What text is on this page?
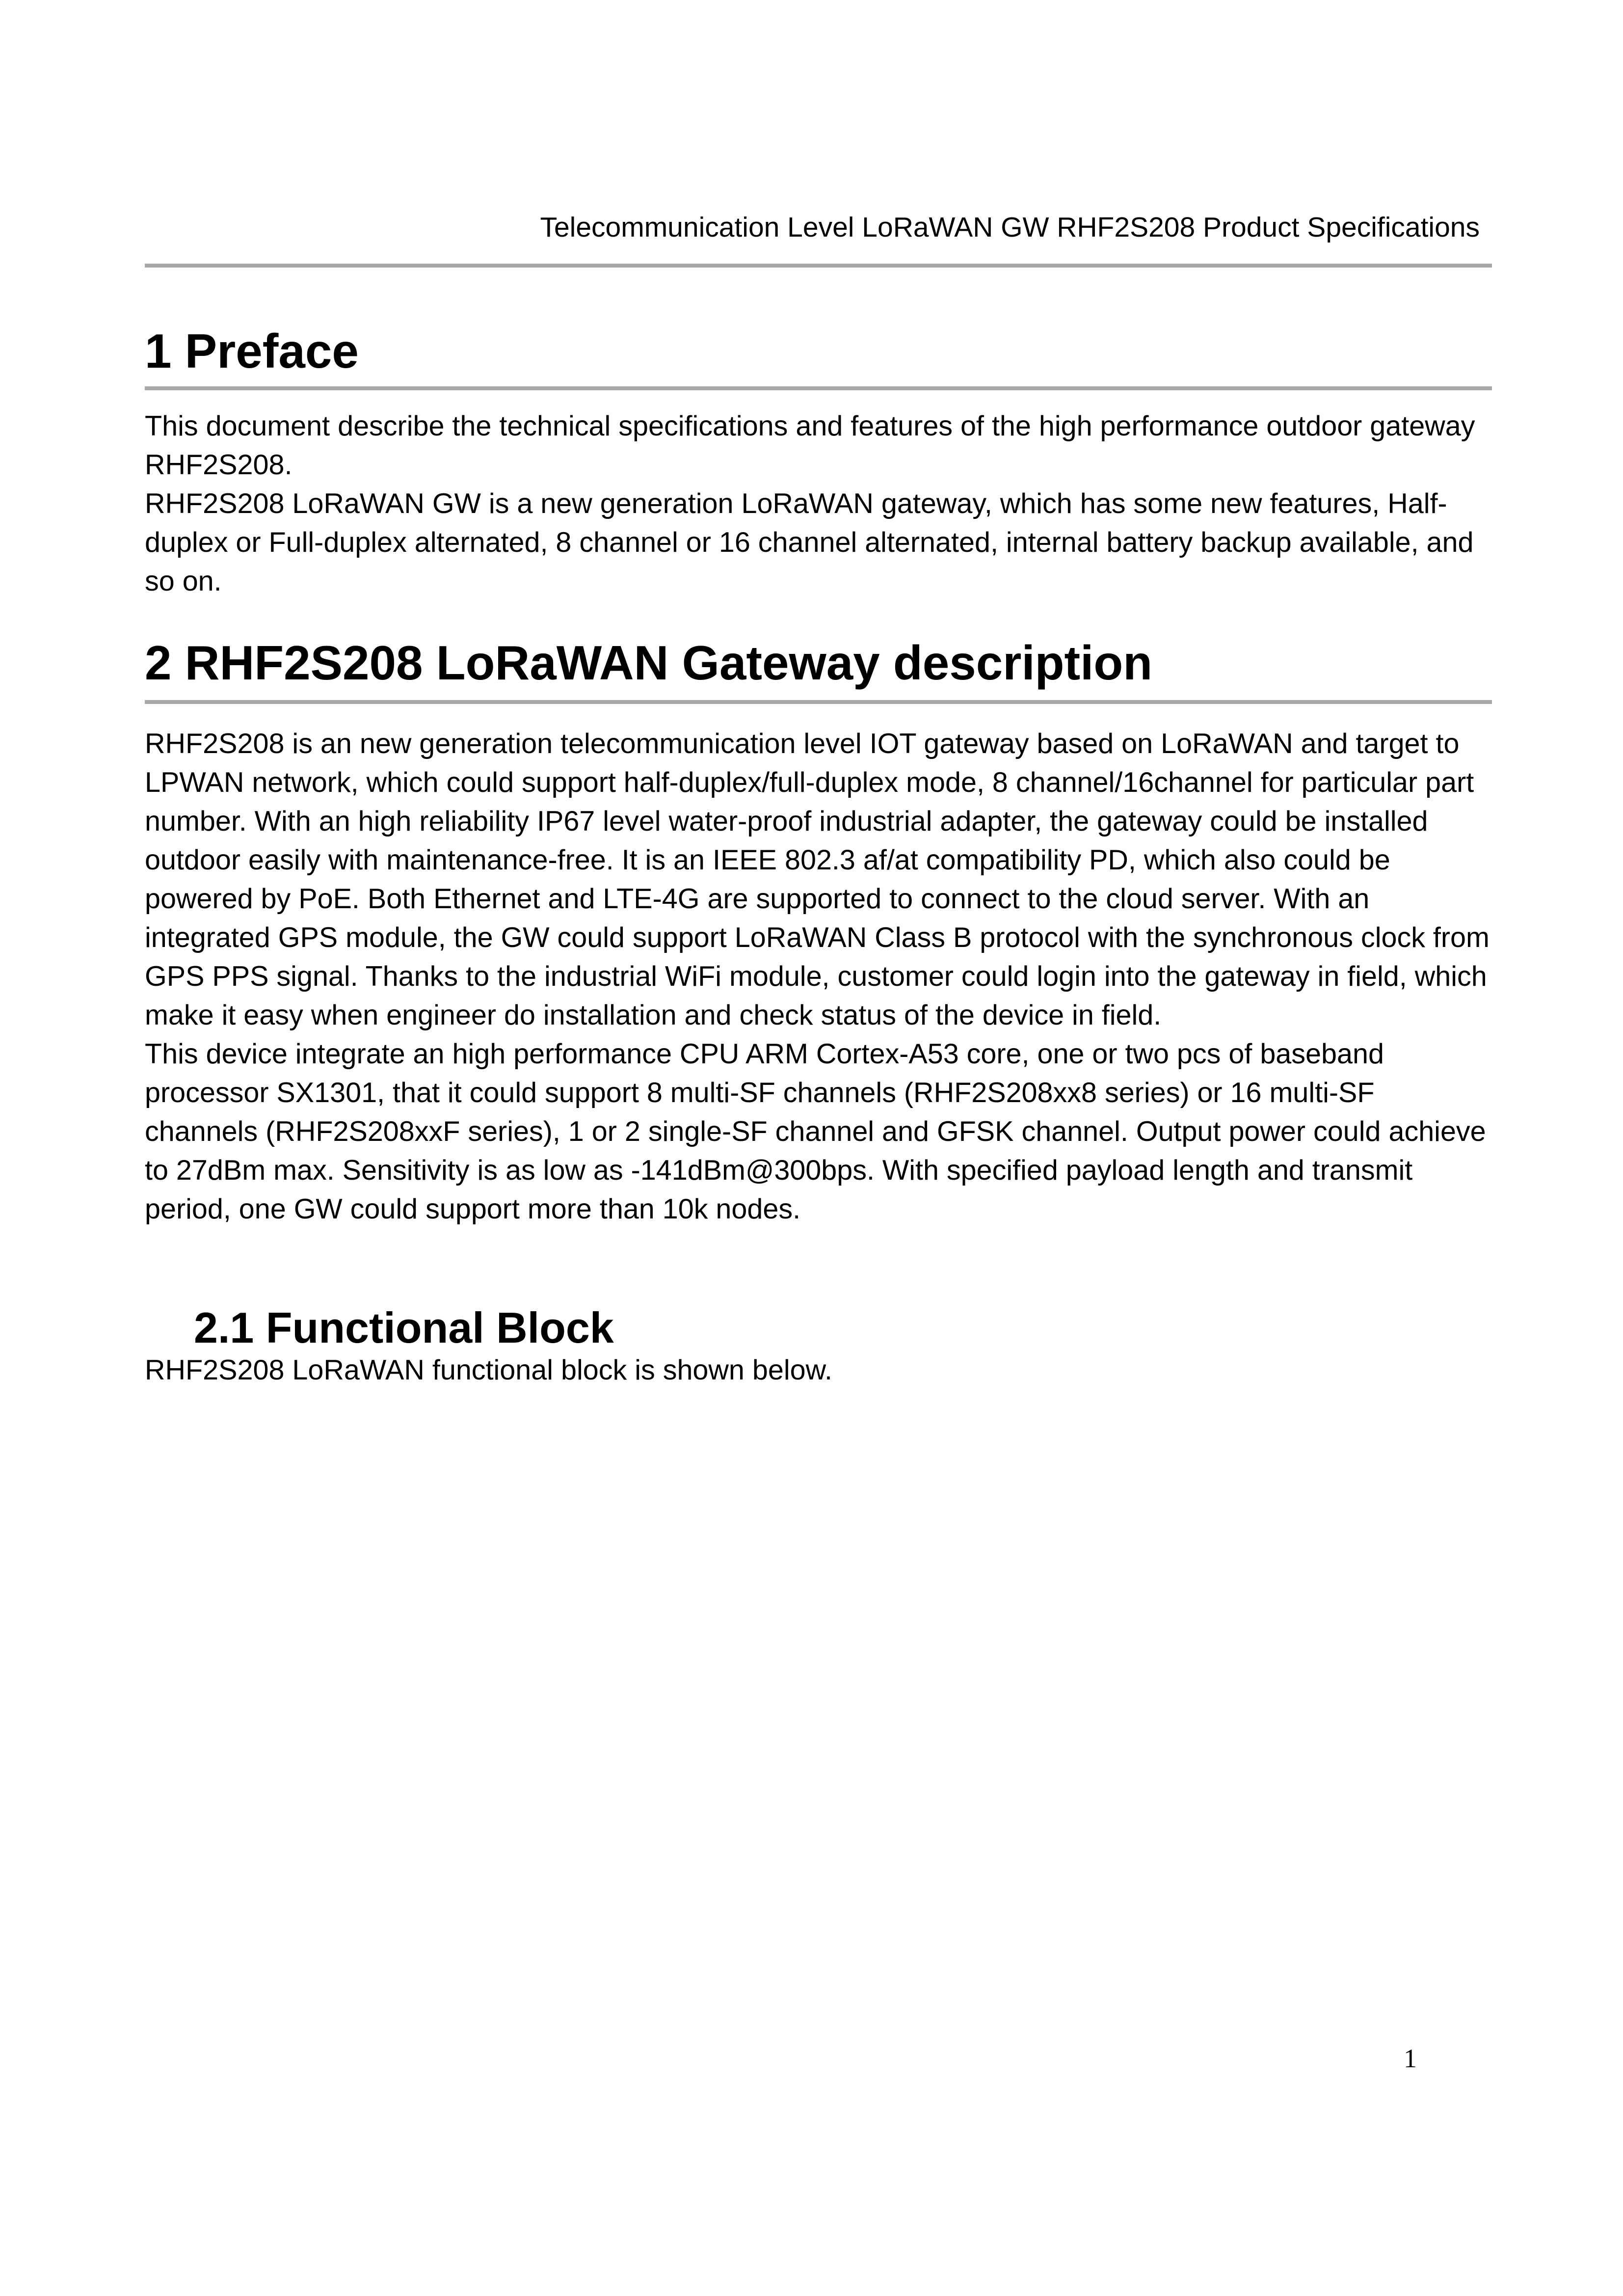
Telecommunication Level LoRaWAN GW RHF2S208 Product Specifications
1 Preface

This document describe the technical specifications and features of the high performance outdoor gateway RHF2S208.

RHF2S208 LoRaWAN GW is a new generation LoRaWAN gateway, which has some new features, Half-duplex or Full-duplex alternated, 8 channel or 16 channel alternated, internal battery backup available, and so on.

2 RHF2S208 LoRaWAN Gateway description

RHF2S208 is an new generation telecommunication level IOT gateway based on LoRaWAN and target to LPWAN network, which could support half-duplex/full-duplex mode, 8 channel/16channel for particular part number. With an high reliability IP67 level water-proof industrial adapter, the gateway could be installed outdoor easily with maintenance-free. It is an IEEE 802.3 af/at compatibility PD, which also could be powered by PoE. Both Ethernet and LTE-4G are supported to connect to the cloud server. With an integrated GPS module, the GW could support LoRaWAN Class B protocol with the synchronous clock from GPS PPS signal. Thanks to the industrial WiFi module, customer could login into the gateway in field, which make it easy when engineer do installation and check status of the device in field.

This device integrate an high performance CPU ARM Cortex-A53 core, one or two pcs of baseband processor SX1301, that it could support 8 multi-SF channels (RHF2S208xx8 series) or 16 multi-SF channels (RHF2S208xxF series), 1 or 2 single-SF channel and GFSK channel. Output power could achieve to 27dBm max. Sensitivity is as low as -141dBm@300bps. With specified payload length and transmit period, one GW could support more than 10k nodes.

2.1 Functional Block

RHF2S208 LoRaWAN functional block is shown below.

1
